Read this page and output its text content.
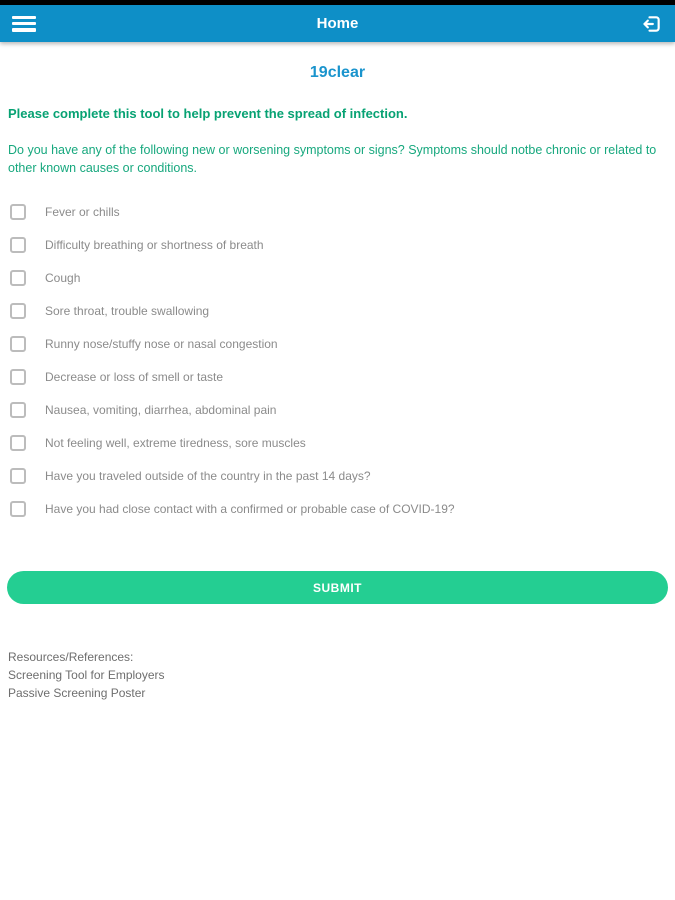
Home
19clear
Please complete this tool to help prevent the spread of infection.
Do you have any of the following new or worsening symptoms or signs? Symptoms should notbe chronic or related to other known causes or conditions.
Fever or chills
Difficulty breathing or shortness of breath
Cough
Sore throat, trouble swallowing
Runny nose/stuffy nose or nasal congestion
Decrease or loss of smell or taste
Nausea, vomiting, diarrhea, abdominal pain
Not feeling well, extreme tiredness, sore muscles
Have you traveled outside of the country in the past 14 days?
Have you had close contact with a confirmed or probable case of COVID-19?
SUBMIT
Resources/References:
Screening Tool for Employers
Passive Screening Poster
